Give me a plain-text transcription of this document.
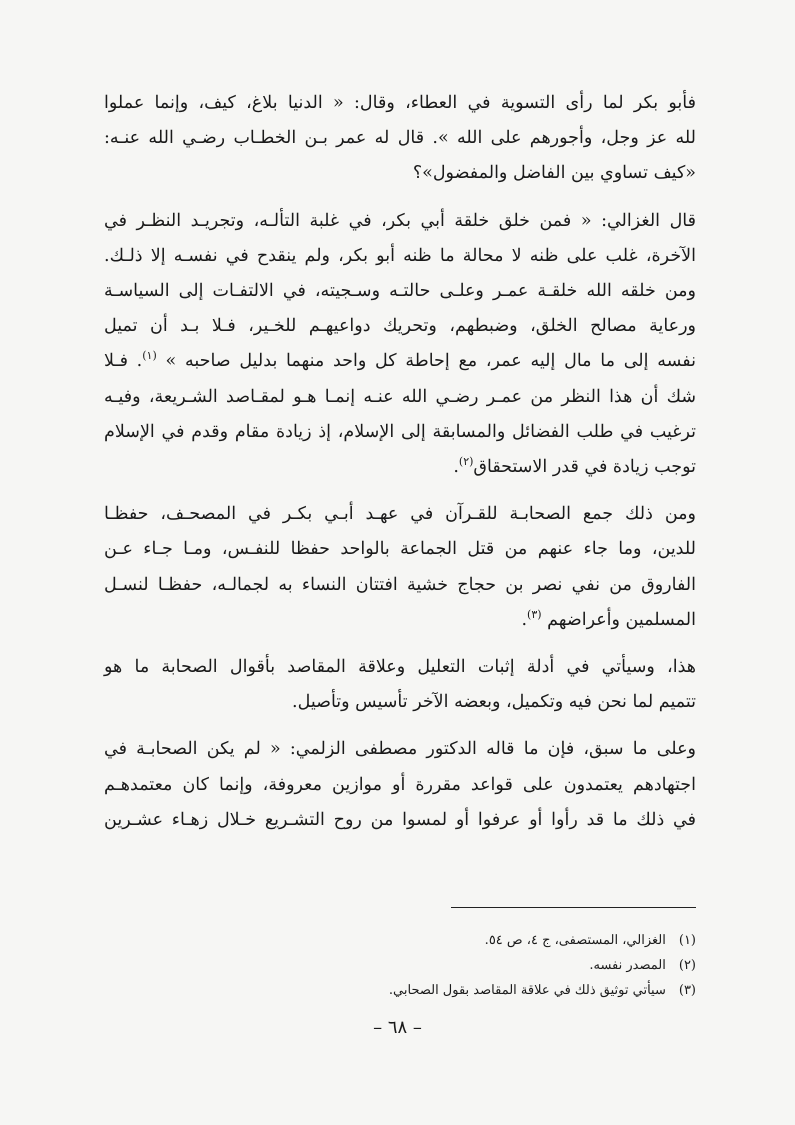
فأبو بكر لما رأى التسوية في العطاء، وقال: « الدنيا بلاغ، كيف، وإنما عملوا
لله عز وجل، وأجورهم على الله ». قال له عمر بـن الخطـاب رضـي الله عنـه:
«كيف تساوي بين الفاضل والمفضول»؟

قال الغزالي: « فمن خلق خلقة أبي بكر، في غلبة التألـه، وتجريـد النظـر في
الآخرة، غلب على ظنه لا محالة ما ظنه أبو بكر، ولم ينقدح في نفسـه إلا ذلـك.
ومن خلقه الله خلقـة عمـر وعلـى حالتـه وسـجيته، في الالتفـات إلى السياسـة
ورعاية مصالح الخلق، وضبطهم، وتحريك دواعيهـم للخـير، فـلا بـد أن تميل
نفسه إلى ما مال إليه عمر، مع إحاطة كل واحد منهما بدليل صاحبه » $^{(١)}$. فـلا
شك أن هذا النظر من عمـر رضـي الله عنـه إنمـا هـو لمقـاصد الشـريعة، وفيـه
ترغيب في طلب الفضائل والمسابقة إلى الإسلام، إذ زيادة مقام وقدم في الإسلام
توجب زيادة في قدر الاستحقاق$^{(٢)}$.

ومن ذلك جمع الصحابـة للقـرآن في عهـد أبـي بكـر في المصحـف، حفظـا
للدين، وما جاء عنهم من قتل الجماعة بالواحد حفظا للنفـس، ومـا جـاء عـن
الفاروق من نفي نصر بن حجاج خشية افتتان النساء به لجمالـه، حفظـا لنسـل
المسلمين وأعراضهم $^{(٣)}$.

هذا، وسيأتي في أدلة إثبات التعليل وعلاقة المقاصد بأقوال الصحابة ما هو
تتميم لما نحن فيه وتكميل، وبعضه الآخر تأسيس وتأصيل.

وعلى ما سبق، فإن ما قاله الدكتور مصطفى الزلمي: « لم يكن الصحابـة في
اجتهادهم يعتمدون على قواعد مقررة أو موازين معروفة، وإنما كان معتمدهـم
في ذلك ما قد رأوا أو عرفوا أو لمسوا من روح التشـريع خـلال زهـاء عشـرين

(١) الغزالي، المستصفى، ج ٤، ص ٥٤.
(٢) المصدر نفسه.
(٣) سيأتي توثيق ذلك في علاقة المقاصد بقول الصحابي.
– ٦٨ –
